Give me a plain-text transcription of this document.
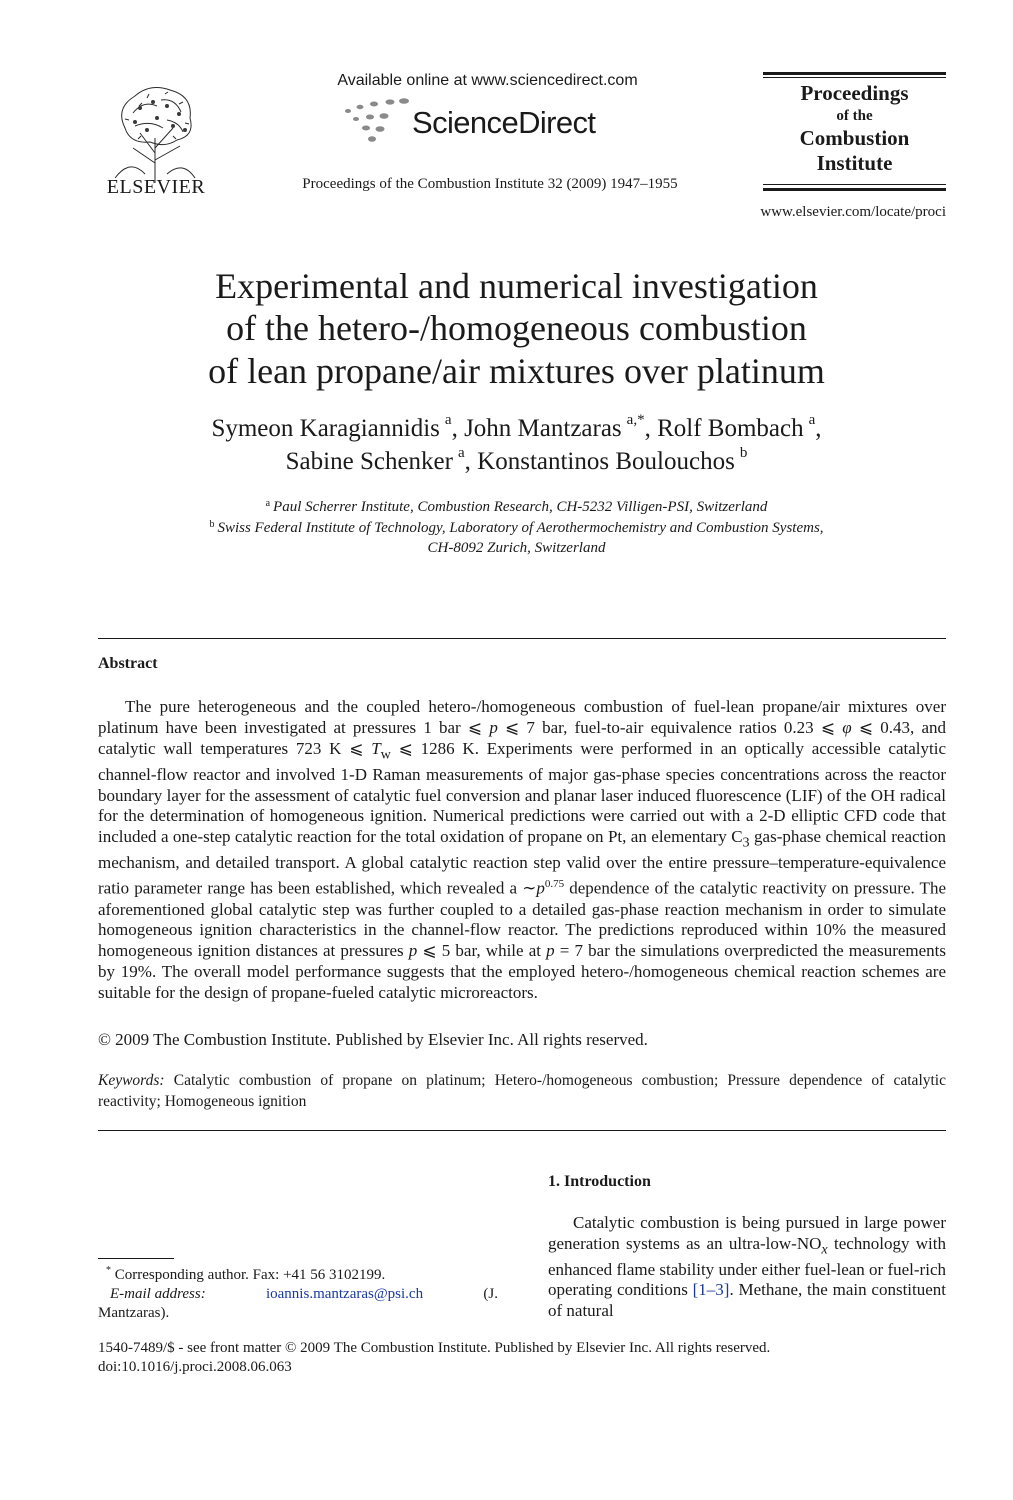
ELSEVIER
Available online at www.sciencedirect.com
ScienceDirect
Proceedings of the Combustion Institute 32 (2009) 1947–1955
Proceedings
of the
Combustion
Institute
www.elsevier.com/locate/proci
Experimental and numerical investigation
of the hetero-/homogeneous combustion
of lean propane/air mixtures over platinum
Symeon Karagiannidis  $^a$, John Mantzaras  $^{a,*}$, Rolf Bombach  $^a$,
Sabine Schenker  $^a$, Konstantinos Boulouchos  $^b$
$^a$  Paul Scherrer Institute, Combustion Research, CH-5232 Villigen-PSI, Switzerland
$^b$  Swiss Federal Institute of Technology, Laboratory of Aerothermochemistry and Combustion Systems,
CH-8092 Zurich, Switzerland
Abstract
The pure heterogeneous and the coupled hetero-/homogeneous combustion of fuel-lean propane/air mixtures over platinum have been investigated at pressures 1 bar ⩽ p ⩽ 7 bar, fuel-to-air equivalence ratios 0.23 ⩽ φ ⩽ 0.43, and catalytic wall temperatures 723 K ⩽ $T_w$ ⩽ 1286 K. Experiments were performed in an optically accessible catalytic channel-flow reactor and involved 1-D Raman measurements of major gas-phase species concentrations across the reactor boundary layer for the assessment of catalytic fuel conversion and planar laser induced fluorescence (LIF) of the OH radical for the determination of homogeneous ignition. Numerical predictions were carried out with a 2-D elliptic CFD code that included a one-step catalytic reaction for the total oxidation of propane on Pt, an elementary $C_3$ gas-phase chemical reaction mechanism, and detailed transport. A global catalytic reaction step valid over the entire pressure–temperature-equivalence ratio parameter range has been established, which revealed a $\sim p^{0.75}$ dependence of the catalytic reactivity on pressure. The aforementioned global catalytic step was further coupled to a detailed gas-phase reaction mechanism in order to simulate homogeneous ignition characteristics in the channel-flow reactor. The predictions reproduced within 10% the measured homogeneous ignition distances at pressures p ⩽ 5 bar, while at p = 7 bar the simulations overpredicted the measurements by 19%. The overall model performance suggests that the employed hetero-/homogeneous chemical reaction schemes are suitable for the design of propane-fueled catalytic microreactors.
© 2009 The Combustion Institute. Published by Elsevier Inc. All rights reserved.
Keywords: Catalytic combustion of propane on platinum; Hetero-/homogeneous combustion; Pressure dependence of catalytic reactivity; Homogeneous ignition
1. Introduction
Catalytic combustion is being pursued in large power generation systems as an ultra-$low-NO_x$ technology with enhanced flame stability under either fuel-lean or fuel-rich operating conditions [1–3]. Methane, the main constituent of natural
* Corresponding author. Fax: +41 56 3102199.
E-mail address:	ioannis.mantzaras@psi.ch	(J.
Mantzaras).
1540-7489/$ - see front matter © 2009 The Combustion Institute. Published by Elsevier Inc. All rights reserved.
doi:10.1016/j.proci.2008.06.063
